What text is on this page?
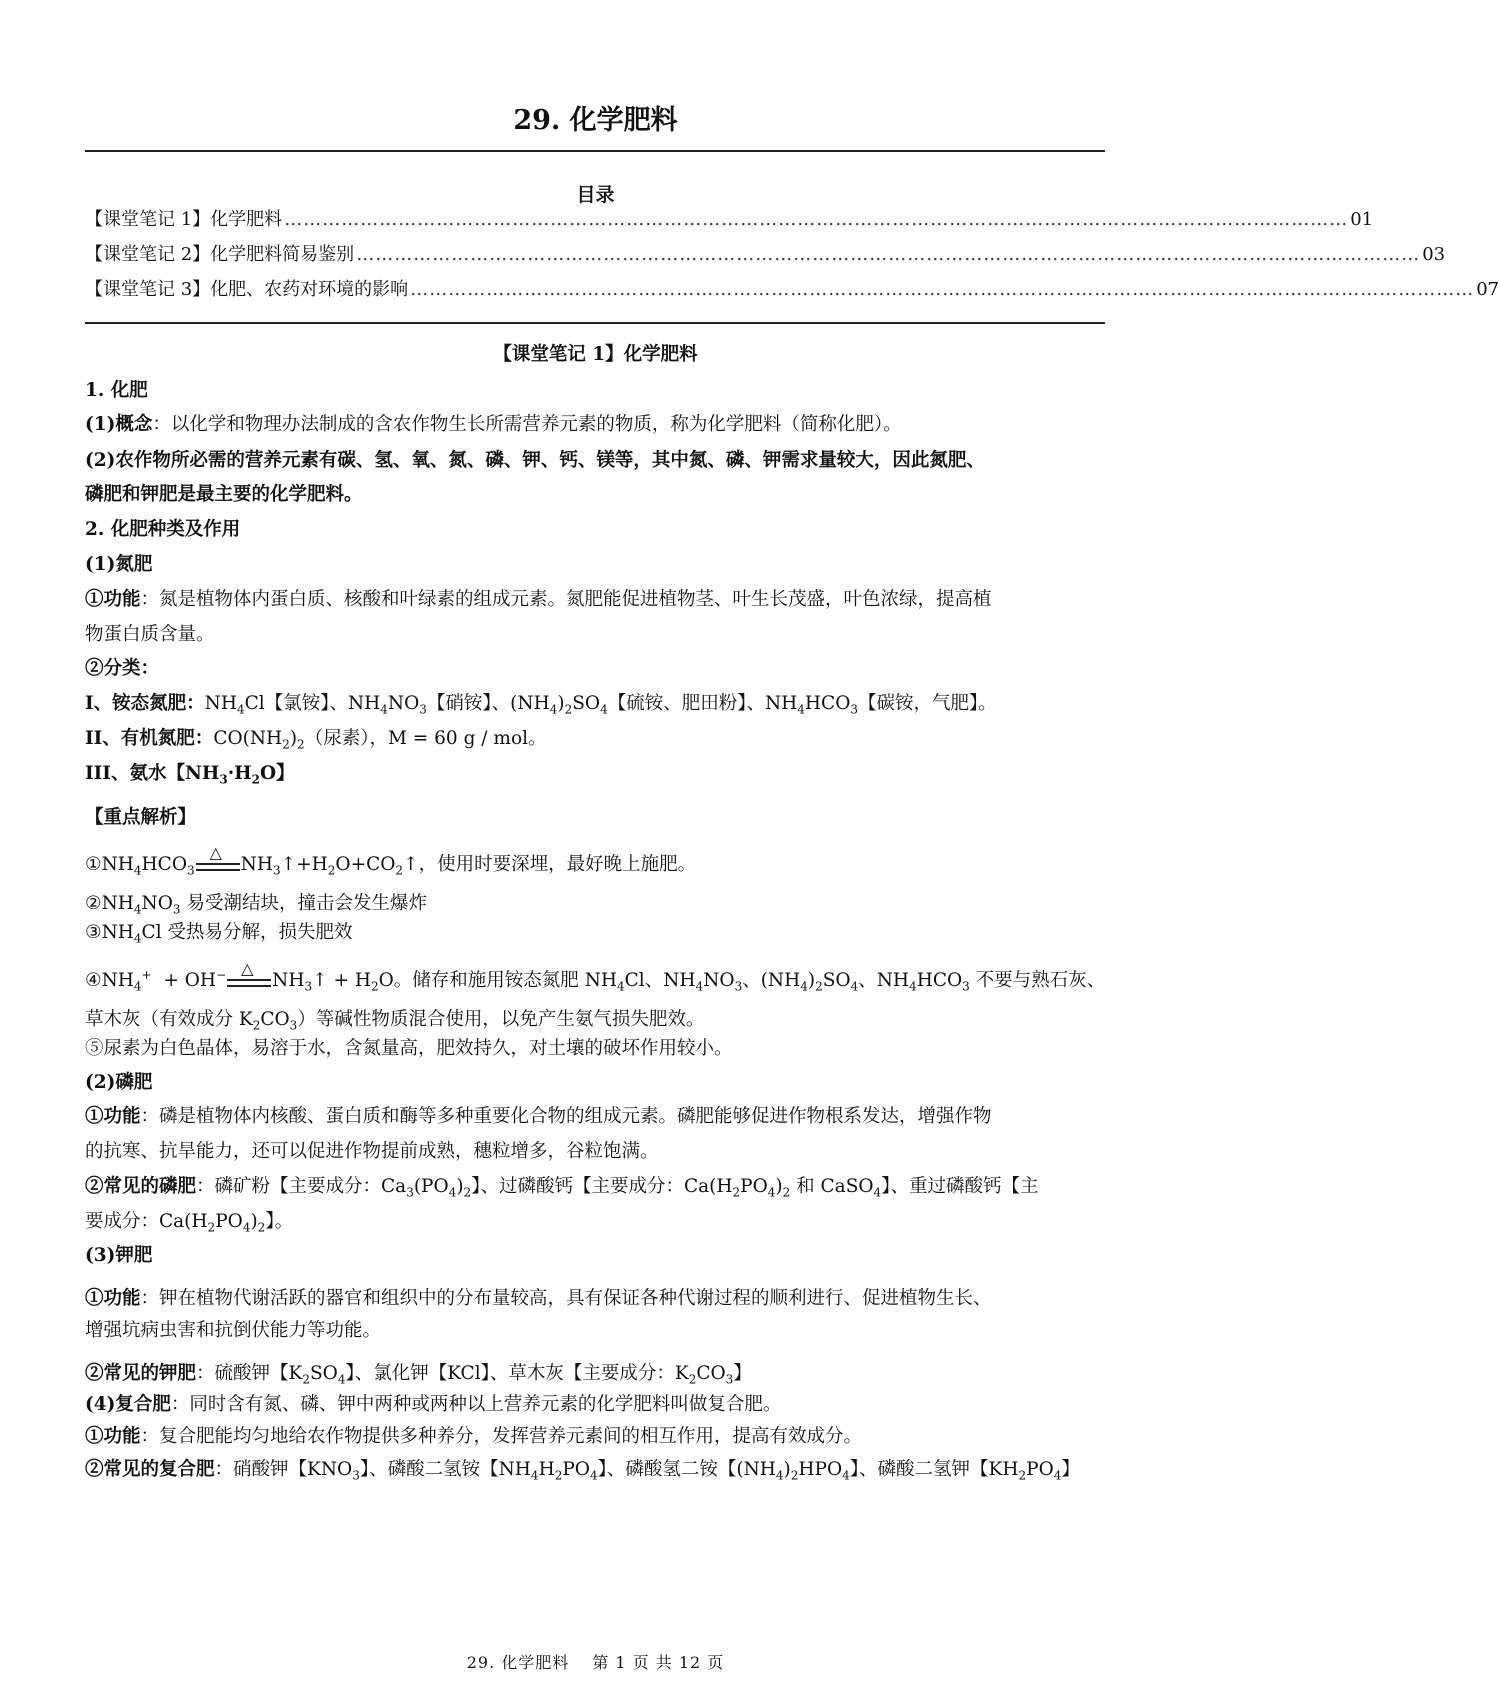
29. 化学肥料
目录
【课堂笔记 1】化学肥料 …………………………………………………………………………………………………………………………………………………… 01
【课堂笔记 2】化学肥料简易鉴别 …………………………………………………………………………………………………………………………………………………… 03
【课堂笔记 3】化肥、农药对环境的影响 …………………………………………………………………………………………………………………………………………………… 07
【课堂笔记 1】化学肥料
1. 化肥
(1)概念：以化学和物理办法制成的含农作物生长所需营养元素的物质，称为化学肥料（简称化肥）。
(2)农作物所必需的营养元素有碳、氢、氧、氮、磷、钾、钙、镁等，其中氮、磷、钾需求量较大，因此氮肥、
磷肥和钾肥是最主要的化学肥料。
2. 化肥种类及作用
(1)氮肥
①功能：氮是植物体内蛋白质、核酸和叶绿素的组成元素。氮肥能促进植物茎、叶生长茂盛，叶色浓绿，提高植
物蛋白质含量。
②分类：
I、铵态氮肥：$NH_4Cl$【氯铵】、$NH_4NO_3$【硝铵】、$(NH_4)_2SO_4$【硫铵、肥田粉】、$NH_4HCO_3$【碳铵，气肥】。
II、有机氮肥：$CO(NH_2)_2$（尿素），M = 60 g / mol。
III、氨水【$NH_3\cdot H_2O$】
【重点解析】
$①NH_4HCO_3$
△
$NH_3↑+H_2O+CO_2↑$，使用时要深埋，最好晚上施肥。
$②NH_4NO_3$ 易受潮结块，撞击会发生爆炸
$③NH_4Cl$ 受热易分解，损失肥效
$④NH_4^+ + OH^-$ △
$NH_3↑ + H_2O$。储存和施用铵态氮肥 $NH_4Cl$、$NH_4NO_3$、$(NH_4)_2SO_4$、$NH_4HCO_3$ 不要与熟石灰、
草木灰（有效成分 $K_2CO_3$）等碱性物质混合使用，以免产生氨气损失肥效。
⑤尿素为白色晶体，易溶于水，含氮量高，肥效持久，对土壤的破坏作用较小。
(2)磷肥
①功能：磷是植物体内核酸、蛋白质和酶等多种重要化合物的组成元素。磷肥能够促进作物根系发达，增强作物
的抗寒、抗旱能力，还可以促进作物提前成熟，穗粒增多，谷粒饱满。
②常见的磷肥：磷矿粉【主要成分：$Ca_3(PO_4)_2$】、过磷酸钙【主要成分：$Ca(H_2PO_4)_2$ 和 CaSO$_4$】、重过磷酸钙【主
要成分：$Ca(H_2PO_4)_2$】。
(3)钾肥
①功能：钾在植物代谢活跃的器官和组织中的分布量较高，具有保证各种代谢过程的顺利进行、促进植物生长、
增强坑病虫害和抗倒伏能力等功能。
②常见的钾肥：硫酸钾【$K_2SO_4$】、氯化钾【KCl】、草木灰【主要成分：$K_2CO_3$】
(4)复合肥：同时含有氮、磷、钾中两种或两种以上营养元素的化学肥料叫做复合肥。
①功能：复合肥能均匀地给农作物提供多种养分，发挥营养元素间的相互作用，提高有效成分。
②常见的复合肥：硝酸钾【$KNO_3$】、磷酸二氢铵【$NH_4H_2PO_4$】、磷酸氢二铵【$(NH_4)_2HPO_4$】、磷酸二氢钾【$KH_2PO_4$】
29. 化学肥料　 第 1 页 共 12 页
